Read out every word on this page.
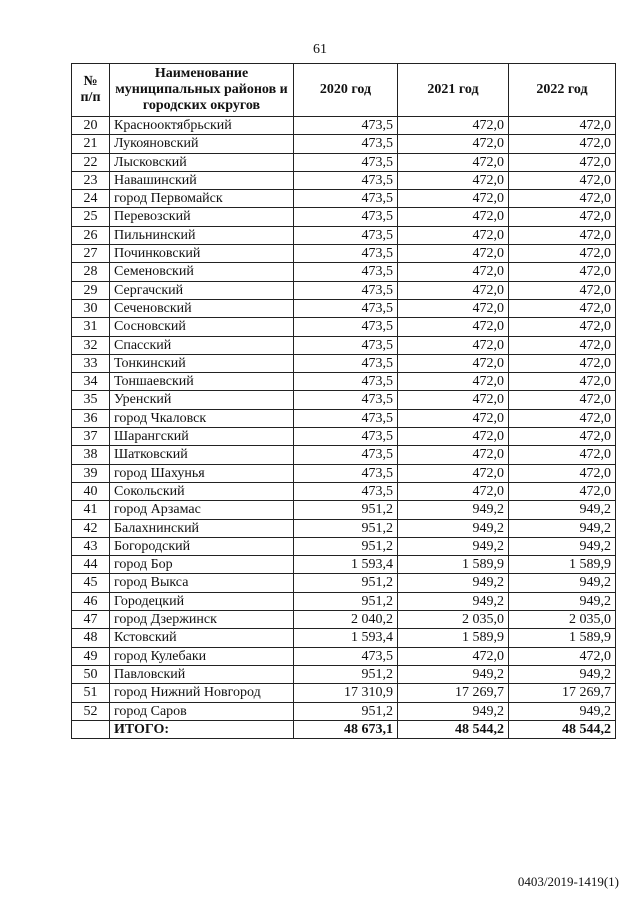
61
№ п/п	Наименование муниципальных районов и городских округов	2020 год	2021 год	2022 год
20	Краснооктябрьский	473,5	472,0	472,0
21	Лукояновский	473,5	472,0	472,0
22	Лысковский	473,5	472,0	472,0
23	Навашинский	473,5	472,0	472,0
24	город Первомайск	473,5	472,0	472,0
25	Перевозский	473,5	472,0	472,0
26	Пильнинский	473,5	472,0	472,0
27	Починковский	473,5	472,0	472,0
28	Семеновский	473,5	472,0	472,0
29	Сергачский	473,5	472,0	472,0
30	Сеченовский	473,5	472,0	472,0
31	Сосновский	473,5	472,0	472,0
32	Спасский	473,5	472,0	472,0
33	Тонкинский	473,5	472,0	472,0
34	Тоншаевский	473,5	472,0	472,0
35	Уренский	473,5	472,0	472,0
36	город Чкаловск	473,5	472,0	472,0
37	Шарангский	473,5	472,0	472,0
38	Шатковский	473,5	472,0	472,0
39	город Шахунья	473,5	472,0	472,0
40	Сокольский	473,5	472,0	472,0
41	город Арзамас	951,2	949,2	949,2
42	Балахнинский	951,2	949,2	949,2
43	Богородский	951,2	949,2	949,2
44	город Бор	1 593,4	1 589,9	1 589,9
45	город Выкса	951,2	949,2	949,2
46	Городецкий	951,2	949,2	949,2
47	город Дзержинск	2 040,2	2 035,0	2 035,0
48	Кстовский	1 593,4	1 589,9	1 589,9
49	город Кулебаки	473,5	472,0	472,0
50	Павловский	951,2	949,2	949,2
51	город Нижний Новгород	17 310,9	17 269,7	17 269,7
52	город Саров	951,2	949,2	949,2
	ИТОГО:	48 673,1	48 544,2	48 544,2
0403/2019-1419(1)
